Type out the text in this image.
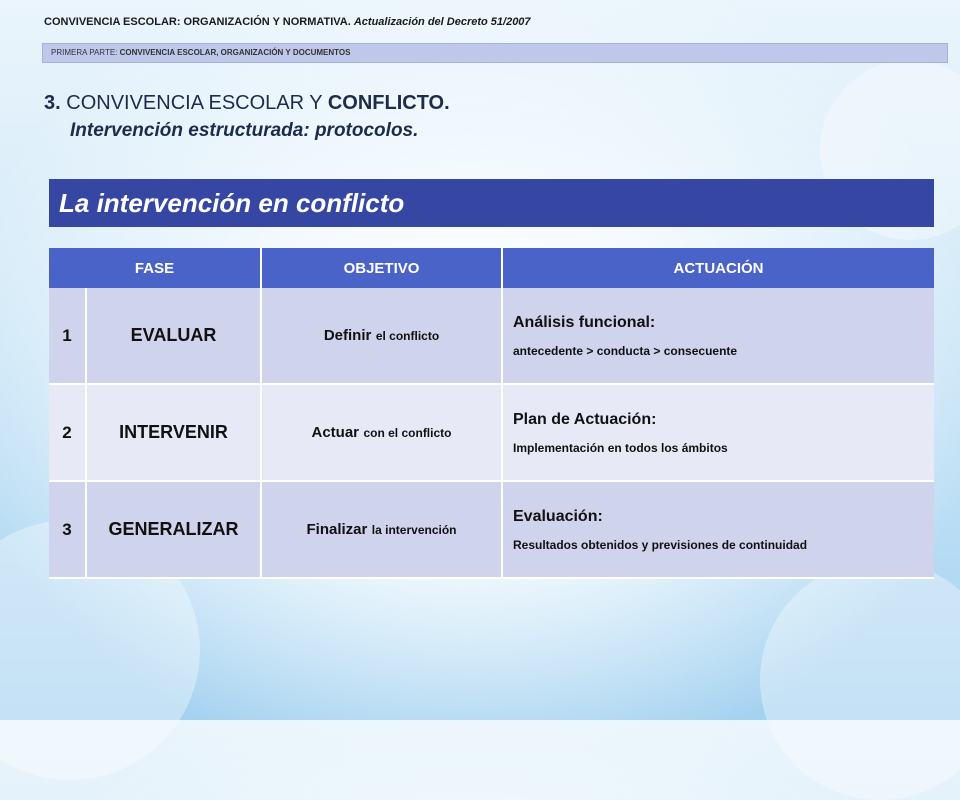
CONVIVENCIA ESCOLAR: ORGANIZACIÓN Y NORMATIVA. Actualización del Decreto 51/2007
PRIMERA PARTE: CONVIVENCIA ESCOLAR, ORGANIZACIÓN Y DOCUMENTOS
3. CONVIVENCIA ESCOLAR Y CONFLICTO.
Intervención estructurada: protocolos.
La intervención en conflicto
FASE		OBJETIVO	ACTUACIÓN
1	EVALUAR	Definir el conflicto	Análisis funcional:
antecedente > conducta > consecuente

2	INTERVENIR	Actuar con el conflicto	Plan de Actuación:
Implementación en todos los ámbitos

3	GENERALIZAR	Finalizar la intervención	Evaluación:
Resultados obtenidos y previsiones de continuidad
